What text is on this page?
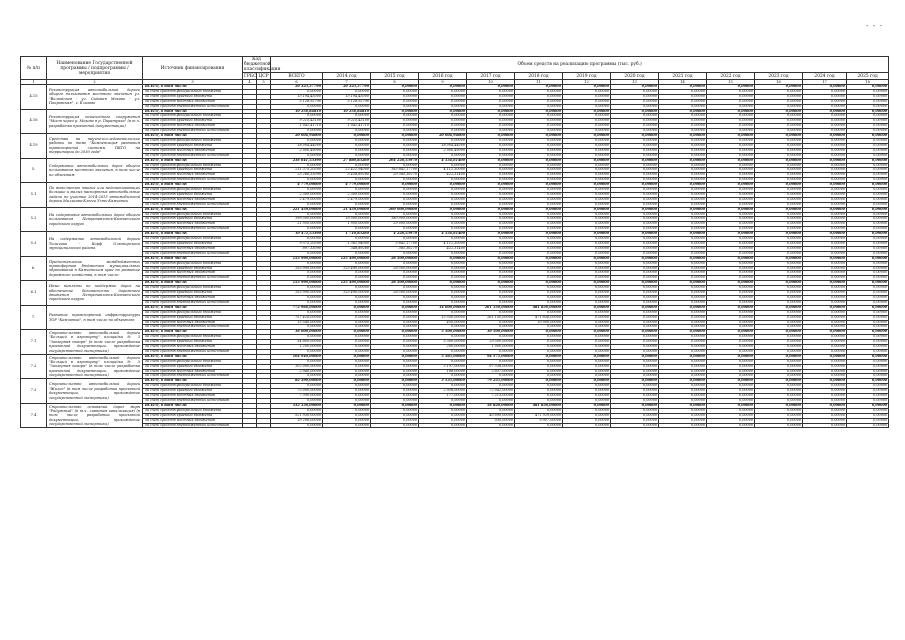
- - -
№ п/п	Наименование Государственной программы / подпрограммы / мероприятия	Источник финансирования	Код бюджетной классификации		Объем средств на реализацию программы (тыс. руб.)												
			ГРБС	ЦСР	ВСЕГО	2014 год	2015 год	2016 год	2017 год	2018 год	2019 год	2020 год	2021 год	2022 год	2023 год	2024 год	2025 год
1	2	3	4	5	6	7	8	9	10	11	12	13	14	15	16	17	18
4.15	Реконструкция автомобильной дороги общего пользования местного значения ул. "Вилюйская - ул. Садовая Мохово - ул. Покровская", г. Елизово	ВСЕГО, в том числе:			20 323,37790	20 323,37790	0,00000	0,00000	0,00000	0,00000	0,00000	0,00000	0,00000	0,00000	0,00000	0,00000	0,00000
		за счет средств федерального бюджета			0,00000	0,00000	0,00000	0,00000	0,00000	0,00000	0,00000	0,00000	0,00000	0,00000	0,00000	0,00000	0,00000
		за счет средств краевого бюджета			15 194,45000	15 194,45000	0,00000	0,00000	0,00000	0,00000	0,00000	0,00000	0,00000	0,00000	0,00000	0,00000	0,00000
		за счет средств местных бюджетов			5 128,92790	5 128,92790	0,00000	0,00000	0,00000	0,00000	0,00000	0,00000	0,00000	0,00000	0,00000	0,00000	0,00000
		за счет средств внебюджетных источников			0,00000	0,00000	0,00000	0,00000	0,00000	0,00000	0,00000	0,00000	0,00000	0,00000	0,00000	0,00000	0,00000
4.16	Реконструкция пешеходного сооружения "Мост через р. Мохово в р. Паратунка" (в т.ч. разработка проектной документации)	ВСЕГО, в том числе:			10 256,84810	10 256,84810	0,00000	0,00000	0,00000	0,00000	0,00000	0,00000	0,00000	0,00000	0,00000	0,00000	0,00000
		за счет средств федерального бюджета			0,00000	0,00000	0,00000	0,00000	0,00000	0,00000	0,00000	0,00000	0,00000	0,00000	0,00000	0,00000	0,00000
		за счет средств краевого бюджета			9 215,43100	9 215,43100	0,00000	0,00000	0,00000	0,00000	0,00000	0,00000	0,00000	0,00000	0,00000	0,00000	0,00000
		за счет средств местных бюджетов			1 041,41710	1 041,41710	0,00000	0,00000	0,00000	0,00000	0,00000	0,00000	0,00000	0,00000	0,00000	0,00000	0,00000
		за счет средств внебюджетных источников			0,00000	0,00000	0,00000	0,00000	0,00000	0,00000	0,00000	0,00000	0,00000	0,00000	0,00000	0,00000	0,00000
4.19	Средства на научно-исследовательские работы по теме "Компенсация развития транспортной системы ПКГО на территории до 2030 года"	ВСЕГО, в том числе:			20 004,94000	0,00000	0,00000	20 004,94000	0,00000	0,00000	0,00000	0,00000	0,00000	0,00000	0,00000	0,00000	0,00000
		за счет средств федерального бюджета			0,00000	0,00000	0,00000	0,00000	0,00000	0,00000	0,00000	0,00000	0,00000	0,00000	0,00000	0,00000	0,00000
		за счет средств краевого бюджета			18 004,44000	0,00000	0,00000	18 004,44000	0,00000	0,00000	0,00000	0,00000	0,00000	0,00000	0,00000	0,00000	0,00000
		за счет средств местных бюджетов			2 000,49000	0,00000	0,00000	2 000,49000	0,00000	0,00000	0,00000	0,00000	0,00000	0,00000	0,00000	0,00000	0,00000
		за счет средств внебюджетных источников			0,00000	0,00000	0,00000	0,00000	0,00000	0,00000	0,00000	0,00000	0,00000	0,00000	0,00000	0,00000	0,00000
5.	Содержание автомобильных дорог общего пользования местного значения, в том числе по объектам:	ВСЕГО, в том числе:			236 641,53390	27 880,83260	204 226,53970	4 534,61400	0,00000	0,00000	0,00000	0,00000	0,00000	0,00000	0,00000	0,00000	0,00000
		за счет средств федерального бюджета			0,00000	0,00000	0,00000	0,00000	0,00000	0,00000	0,00000	0,00000	0,00000	0,00000	0,00000	0,00000	0,00000
		за счет средств краевого бюджета			211 375,20300	22 421,94000	183 841,17700	4 112,30000	0,00000	0,00000	0,00000	0,00000	0,00000	0,00000	0,00000	0,00000	0,00000
		за счет средств местных бюджетов			25 266,33090	5 458,89260	20 385,36270	422,31400	0,00000	0,00000	0,00000	0,00000	0,00000	0,00000	0,00000	0,00000	0,00000
		за счет средств внебюджетных источников			0,00000	0,00000	0,00000	0,00000	0,00000	0,00000	0,00000	0,00000	0,00000	0,00000	0,00000	0,00000	0,00000
5.1	По выполнению многих или недопонимающих большие и малых паспортных автомобильные задачи по участке 2014-2015 автомобильной дороги Мильково-Ключи Усть-Камчатск	ВСЕГО, в том числе:			4 779,00000	4 779,00000	0,00000	0,00000	0,00000	0,00000	0,00000	0,00000	0,00000	0,00000	0,00000	0,00000	0,00000
		за счет средств федерального бюджета			0,00000	0,00000	0,00000	0,00000	0,00000	0,00000	0,00000	0,00000	0,00000	0,00000	0,00000	0,00000	0,00000
		за счет средств краевого бюджета			2 300,00000	2 300,00000	0,00000	0,00000	0,00000	0,00000	0,00000	0,00000	0,00000	0,00000	0,00000	0,00000	0,00000
		за счет средств местных бюджетов			2 479,00000	2 479,00000	0,00000	0,00000	0,00000	0,00000	0,00000	0,00000	0,00000	0,00000	0,00000	0,00000	0,00000
		за счет средств внебюджетных источников			0,00000	0,00000	0,00000	0,00000	0,00000	0,00000	0,00000	0,00000	0,00000	0,00000	0,00000	0,00000	0,00000
5.2	На содержание автомобильных дорог общего пользования Петропавловск-Камчатского городского округа	ВСЕГО, в том числе:			221 450,00000	21 450,00000	200 000,00000	0,00000	0,00000	0,00000	0,00000	0,00000	0,00000	0,00000	0,00000	0,00000	0,00000
		за счет средств федерального бюджета			0,00000	0,00000	0,00000	0,00000	0,00000	0,00000	0,00000	0,00000	0,00000	0,00000	0,00000	0,00000	0,00000
		за счет средств краевого бюджета			199 500,00000	19 500,00000	180 000,00000	0,00000	0,00000	0,00000	0,00000	0,00000	0,00000	0,00000	0,00000	0,00000	0,00000
		за счет средств местных бюджетов			21 950,00000	1 950,00000	20 000,00000	0,00000	0,00000	0,00000	0,00000	0,00000	0,00000	0,00000	0,00000	0,00000	0,00000
		за счет средств внебюджетных источников			0,00000	0,00000	0,00000	0,00000	0,00000	0,00000	0,00000	0,00000	0,00000	0,00000	0,00000	0,00000	0,00000
5.3	На содержание автомобильной дороги Тиличики - Корф Олюторского муниципального района	ВСЕГО, в том числе:			10 472,53390	1 710,83260	4 226,53970	4 534,61400	0,00000	0,00000	0,00000	0,00000	0,00000	0,00000	0,00000	0,00000	0,00000
		за счет средств федерального бюджета			0,00000	0,00000	0,00000	0,00000	0,00000	0,00000	0,00000	0,00000	0,00000	0,00000	0,00000	0,00000	0,00000
		за счет средств краевого бюджета			9 575,20300	1 361,94000	3 841,17700	4 112,30000	0,00000	0,00000	0,00000	0,00000	0,00000	0,00000	0,00000	0,00000	0,00000
		за счет средств местных бюджетов			897,33090	348,89260	385,36270	422,31400	0,00000	0,00000	0,00000	0,00000	0,00000	0,00000	0,00000	0,00000	0,00000
		за счет средств внебюджетных источников			0,00000	0,00000	0,00000	0,00000	0,00000	0,00000	0,00000	0,00000	0,00000	0,00000	0,00000	0,00000	0,00000
6.	Предоставление межбюджетных трансфертов бюджетам муниципальных образований в Камчатском крае на развитие дорожного хозяйства, в том числе:	ВСЕГО, в том числе:			153 990,00000	125 490,00000	28 500,00000	0,00000	0,00000	0,00000	0,00000	0,00000	0,00000	0,00000	0,00000	0,00000	0,00000
		за счет средств федерального бюджета			0,00000	0,00000	0,00000	0,00000	0,00000	0,00000	0,00000	0,00000	0,00000	0,00000	0,00000	0,00000	0,00000
		за счет средств краевого бюджета			153 990,00000	125 490,00000	28 500,00000	0,00000	0,00000	0,00000	0,00000	0,00000	0,00000	0,00000	0,00000	0,00000	0,00000
		за счет средств местных бюджетов			0,00000	0,00000	0,00000	0,00000	0,00000	0,00000	0,00000	0,00000	0,00000	0,00000	0,00000	0,00000	0,00000
		за счет средств внебюджетных источников			0,00000	0,00000	0,00000	0,00000	0,00000	0,00000	0,00000	0,00000	0,00000	0,00000	0,00000	0,00000	0,00000
6.1	Иные выплаты по поддержке дорог на обеспечение безопасности дорожного движения Петропавловск-Камчатского городского округа	ВСЕГО, в том числе:			153 990,00000	125 490,00000	28 500,00000	0,00000	0,00000	0,00000	0,00000	0,00000	0,00000	0,00000	0,00000	0,00000	0,00000
		за счет средств федерального бюджета			0,00000	0,00000	0,00000	0,00000	0,00000	0,00000	0,00000	0,00000	0,00000	0,00000	0,00000	0,00000	0,00000
		за счет средств краевого бюджета			153 990,00000	125 490,00000	28 500,00000	0,00000	0,00000	0,00000	0,00000	0,00000	0,00000	0,00000	0,00000	0,00000	0,00000
		за счет средств местных бюджетов			0,00000	0,00000	0,00000	0,00000	0,00000	0,00000	0,00000	0,00000	0,00000	0,00000	0,00000	0,00000	0,00000
		за счет средств внебюджетных источников			0,00000	0,00000	0,00000	0,00000	0,00000	0,00000	0,00000	0,00000	0,00000	0,00000	0,00000	0,00000	0,00000
7.	Развитие транспортной инфраструктуры ТОР "Камчатка", в том числе по объектам:	ВСЕГО, в том числе:			772 966,00000	0,00000	0,00000	14 000,00000	261 150,00000	481 836,00000	0,00000	0,00000	0,00000	0,00000	0,00000	0,00000	0,00000
		за счет средств федерального бюджета			0,00000	0,00000	0,00000	0,00000	0,00000	0,00000	0,00000	0,00000	0,00000	0,00000	0,00000	0,00000	0,00000
		за счет средств краевого бюджета			757 426,00000	0,00000	0,00000	13 550,00000	261 150,00000	471 836,00000	0,00000	0,00000	0,00000	0,00000	0,00000	0,00000	0,00000
		за счет средств местных бюджетов			15 540,00000	0,00000	0,00000	450,00000	0,00000	10 000,00000	0,00000	0,00000	0,00000	0,00000	0,00000	0,00000	0,00000
		за счет средств внебюджетных источников			0,00000	0,00000	0,00000	0,00000	0,00000	0,00000	0,00000	0,00000	0,00000	0,00000	0,00000	0,00000	0,00000
7.1	Строительство автомобильной дороги "Бельций в аэропорту" площадки № 3 "Заозерная нагорн" (в том числе разработка проектной документации, прохождение государственной экспертизы)	ВСЕГО, в том числе:			36 000,00000	0,00000	0,00000	5 500,00000	30 500,00000	0,00000	0,00000	0,00000	0,00000	0,00000	0,00000	0,00000	0,00000
		за счет средств федерального бюджета			0,00000	0,00000	0,00000	0,00000	0,00000	0,00000	0,00000	0,00000	0,00000	0,00000	0,00000	0,00000	0,00000
		за счет средств краевого бюджета			34 800,00000	0,00000	0,00000	5 300,00000	29 500,00000	0,00000	0,00000	0,00000	0,00000	0,00000	0,00000	0,00000	0,00000
		за счет средств местных бюджетов			1 200,00000	0,00000	0,00000	200,00000	1 000,00000	0,00000	0,00000	0,00000	0,00000	0,00000	0,00000	0,00000	0,00000
		за счет средств внебюджетных источников			0,00000	0,00000	0,00000	0,00000	0,00000	0,00000	0,00000	0,00000	0,00000	0,00000	0,00000	0,00000	0,00000
7.2	Строительство автомобильной дороги "Бельций в аэропорту" площадки № 3 "Заозерная нагорн" (в том числе разработка проектной документации, прохождение государственной экспертизы)	ВСЕГО, в том числе:			104 940,00000	0,00000	0,00000	5 365,00000	94 575,00000	0,00000	0,00000	0,00000	0,00000	0,00000	0,00000	0,00000	0,00000
		за счет средств федерального бюджета			0,00000	0,00000	0,00000	0,00000	0,00000	0,00000	0,00000	0,00000	0,00000	0,00000	0,00000	0,00000	0,00000
		за счет средств краевого бюджета			102 000,00000	0,00000	0,00000	5 197,00000	97 538,00000	0,00000	0,00000	0,00000	0,00000	0,00000	0,00000	0,00000	0,00000
		за счет средств местных бюджетов			2 940,00000	0,00000	0,00000	168,00000	2 837,00000	0,00000	0,00000	0,00000	0,00000	0,00000	0,00000	0,00000	0,00000
		за счет средств внебюджетных источников			0,00000	0,00000	0,00000	0,00000	0,00000	0,00000	0,00000	0,00000	0,00000	0,00000	0,00000	0,00000	0,00000
7.3	Строительство автомобильной дороги "Жилое" (в том числе разработка проектной документации, прохождение государственной экспертизы)	ВСЕГО, в том числе:			82 390,00000	0,00000	0,00000	3 135,00000	79 255,00000	0,00000	0,00000	0,00000	0,00000	0,00000	0,00000	0,00000	0,00000
		за счет средств федерального бюджета			0,00000	0,00000	0,00000	0,00000	0,00000	0,00000	0,00000	0,00000	0,00000	0,00000	0,00000	0,00000	0,00000
		за счет средств краевого бюджета			75 000,00000	0,00000	0,00000	2 958,00000	72 042,00000	0,00000	0,00000	0,00000	0,00000	0,00000	0,00000	0,00000	0,00000
		за счет средств местных бюджетов			7 390,00000	0,00000	0,00000	177,00000	7 213,00000	0,00000	0,00000	0,00000	0,00000	0,00000	0,00000	0,00000	0,00000
		за счет средств внебюджетных источников			0,00000	0,00000	0,00000	0,00000	0,00000	0,00000	0,00000	0,00000	0,00000	0,00000	0,00000	0,00000	0,00000
7.4	Строительство оснований дорог мкрн "Радужный" (в т.ч. ливневая канализация) (в том числе разработка проектной документации, прохождение государственной экспертизы)	ВСЕГО, в том числе:			532 136,00000	0,00000	0,00000	0,00000	56 820,00000	481 836,00000	0,00000	0,00000	0,00000	0,00000	0,00000	0,00000	0,00000
		за счет средств федерального бюджета			0,00000	0,00000	0,00000	0,00000	0,00000	0,00000	0,00000	0,00000	0,00000	0,00000	0,00000	0,00000	0,00000
		за счет средств краевого бюджета			521 930,00000	0,00000	0,00000	0,00000	40 890,00000	471 929,00000	0,00000	0,00000	0,00000	0,00000	0,00000	0,00000	0,00000
		за счет средств местных бюджетов			10 206,00000	0,00000	0,00000	0,00000	930,00000	9 907,00000	0,00000	0,00000	0,00000	0,00000	0,00000	0,00000	0,00000
		за счет средств внебюджетных источников			0,00000	0,00000	0,00000	0,00000	0,00000	0,00000	0,00000	0,00000	0,00000	0,00000	0,00000	0,00000	0,00000
